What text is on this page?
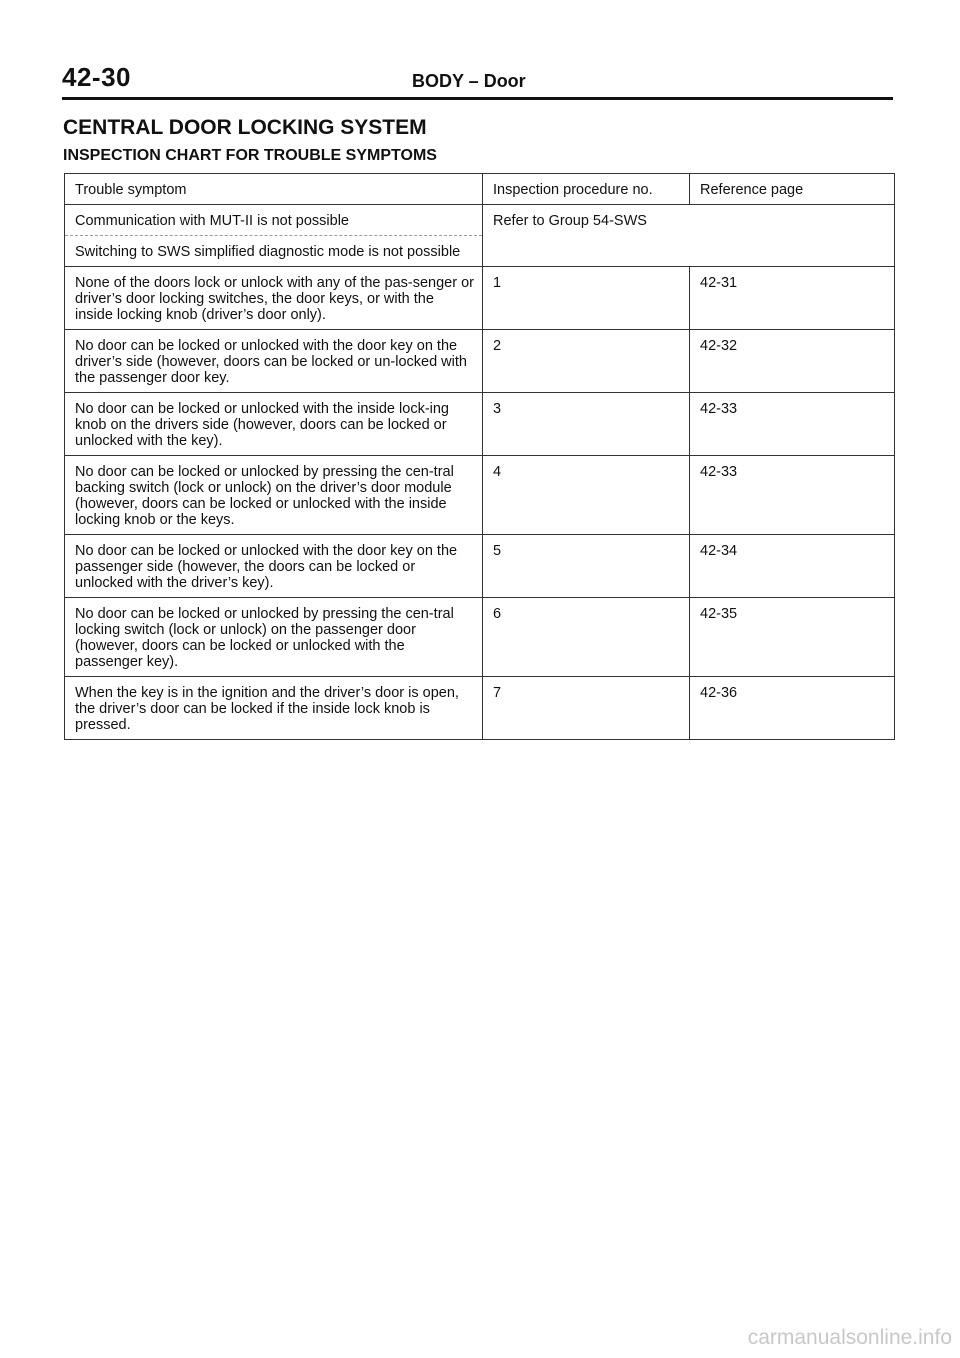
42-30	BODY – Door
CENTRAL DOOR LOCKING SYSTEM
INSPECTION CHART FOR TROUBLE SYMPTOMS
Trouble symptom	Inspection procedure no.	Reference page
Communication with MUT-II is not possible	Refer to Group 54-SWS	
Switching to SWS simplified diagnostic mode is not possible		
None of the doors lock or unlock with any of the pas-senger or driver’s door locking switches, the door keys, or with the inside locking knob (driver’s door only).	1	42-31
No door can be locked or unlocked with the door key on the driver’s side (however, doors can be locked or un-locked with the passenger door key.	2	42-32
No door can be locked or unlocked with the inside lock-ing knob on the drivers side (however, doors can be locked or unlocked with the key).	3	42-33
No door can be locked or unlocked by pressing the cen-tral backing switch (lock or unlock) on the driver’s door module (however, doors can be locked or unlocked with the inside locking knob or the keys.	4	42-33
No door can be locked or unlocked with the door key on the passenger side (however, the doors can be locked or unlocked with the driver’s key).	5	42-34
No door can be locked or unlocked by pressing the cen-tral locking switch (lock or unlock) on the passenger door (however, doors can be locked or unlocked with the passenger key).	6	42-35
When the key is in the ignition and the driver’s door is open, the driver’s door can be locked if the inside lock knob is pressed.	7	42-36
carmanualsonline.info
